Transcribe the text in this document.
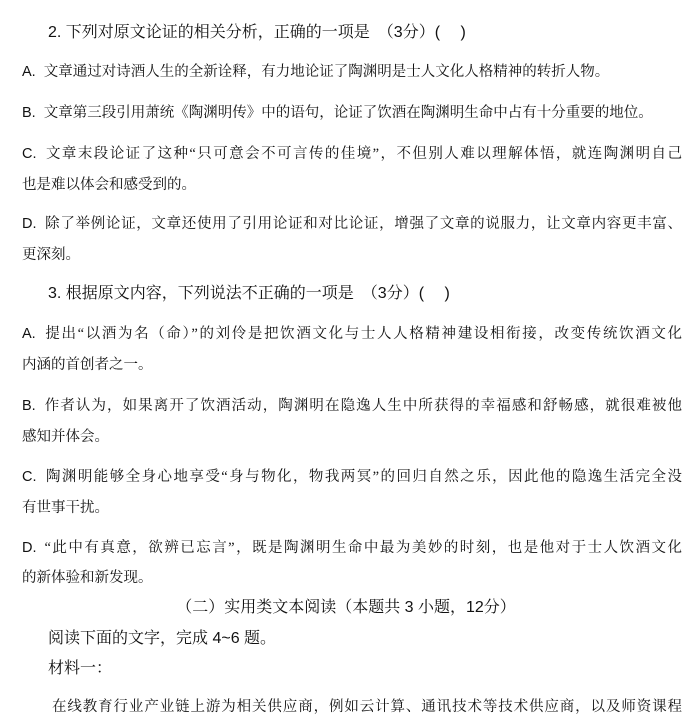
2. 下列对原文论证的相关分析，正确的一项是　（3分）(　 )
A. 文章通过对诗酒人生的全新诠释，有力地论证了陶渊明是士人文化人格精神的转折人物。
B. 文章第三段引用萧统《陶渊明传》中的语句，论证了饮酒在陶渊明生命中占有十分重要的地位。
C. 文章末段论证了这种“只可意会不可言传的佳境”，不但别人难以理解体悟，就连陶渊明自己
也是难以体会和感受到的。
D. 除了举例论证，文章还使用了引用论证和对比论证，增强了文章的说服力，让文章内容更丰富、
更深刻。
3. 根据原文内容，下列说法不正确的一项是　（3分）(　 )
A. 提出“以酒为名（命）”的刘伶是把饮酒文化与士人人格精神建设相衔接，改变传统饮酒文化
内涵的首创者之一。
B. 作者认为，如果离开了饮酒活动，陶渊明在隐逸人生中所获得的幸福感和舒畅感，就很难被他
感知并体会。
C. 陶渊明能够全身心地享受“身与物化，物我两冥”的回归自然之乐，因此他的隐逸生活完全没
有世事干扰。
D. “此中有真意，欲辨已忘言”，既是陶渊明生命中最为美妙的时刻，也是他对于士人饮酒文化
的新体验和新发现。
（二）实用类文本阅读（本题共 3 小题，12分）
阅读下面的文字，完成 4~6 题。
材料一：
在线教育行业产业链上游为相关供应商，例如云计算、通讯技术等技术供应商，以及师资课程
